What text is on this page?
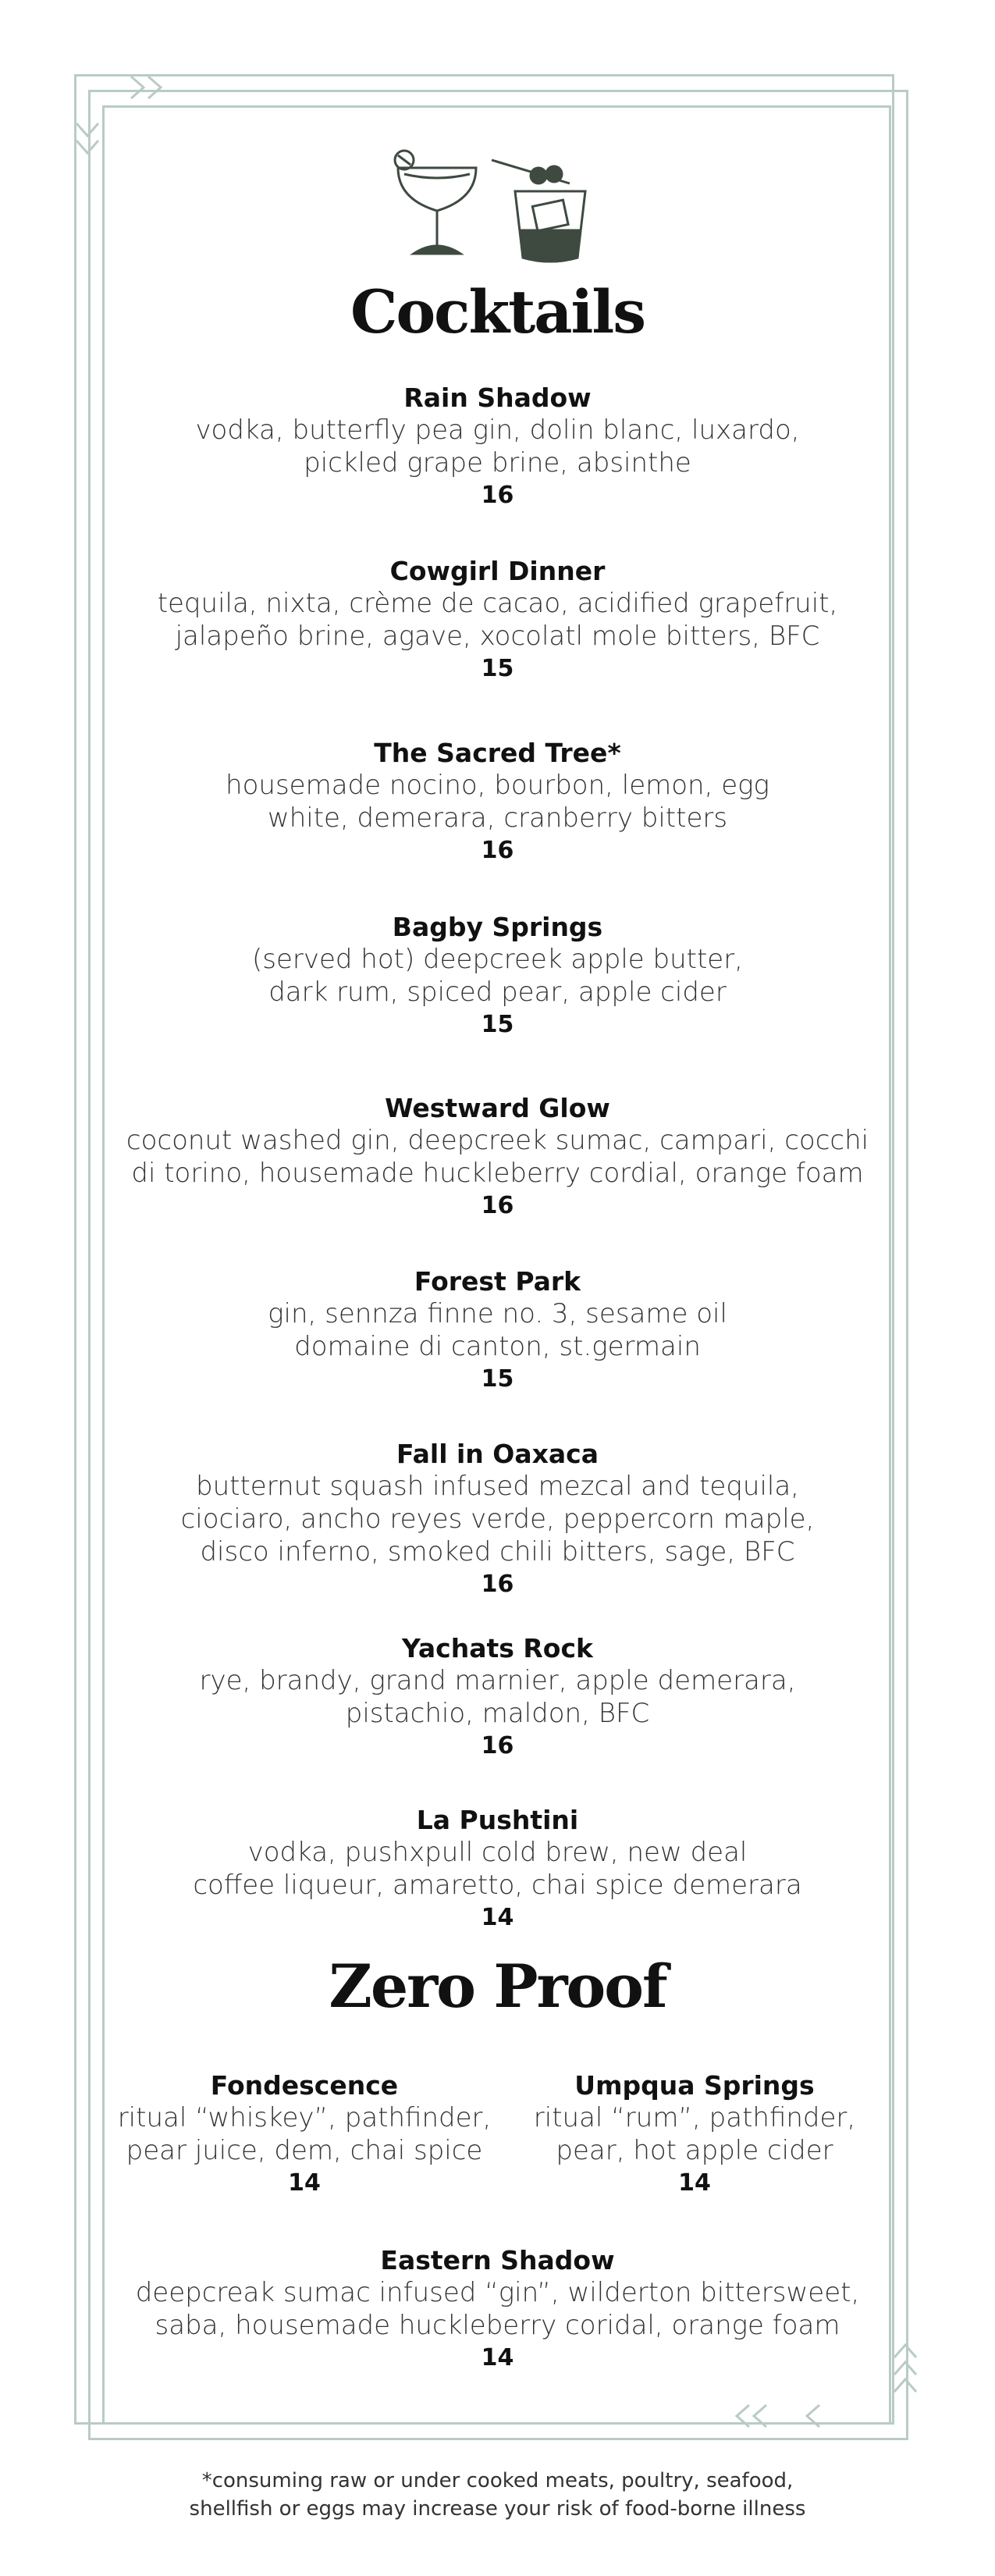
Cocktails
Rain Shadow
vodka, butterfly pea gin, dolin blanc, luxardo,
pickled grape brine, absinthe
16
Cowgirl Dinner
tequila, nixta, crème de cacao, acidified grapefruit,
jalapeño brine, agave, xocolatl mole bitters, BFC
15
The Sacred Tree*
housemade nocino, bourbon, lemon, egg
white, demerara, cranberry bitters
16
Bagby Springs
(served hot) deepcreek apple butter,
dark rum, spiced pear, apple cider
15
Westward Glow
coconut washed gin, deepcreek sumac, campari, cocchi
di torino, housemade huckleberry cordial, orange foam
16
Forest Park
gin, sennza finne no. 3, sesame oil
domaine di canton, st.germain
15
Fall in Oaxaca
butternut squash infused mezcal and tequila,
ciociaro, ancho reyes verde, peppercorn maple,
disco inferno, smoked chili bitters, sage, BFC
16
Yachats Rock
rye, brandy, grand marnier, apple demerara,
pistachio, maldon, BFC
16
La Pushtini
vodka, pushxpull cold brew, new deal
coffee liqueur, amaretto, chai spice demerara
14
Zero Proof
Fondescence
ritual “whiskey”, pathfinder,
pear juice, dem, chai spice
14
Umpqua Springs
ritual “rum”, pathfinder,
pear, hot apple cider
14
Eastern Shadow
deepcreak sumac infused “gin”, wilderton bittersweet,
saba, housemade huckleberry coridal, orange foam
14
*consuming raw or under cooked meats, poultry, seafood,
shellfish or eggs may increase your risk of food-borne illness
